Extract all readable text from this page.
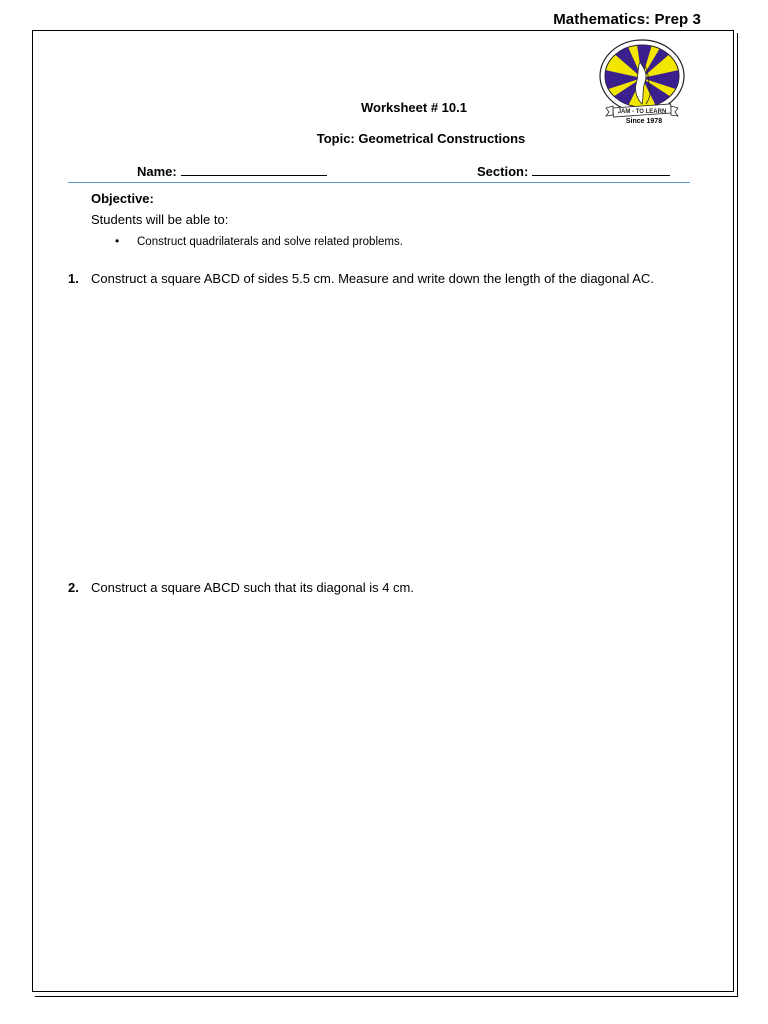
Mathematics: Prep 3
JAM - TO LEARN
Since 1978
Worksheet # 10.1
Topic: Geometrical Constructions
Name:	Section:
Objective:
Students will be able to:
• Construct quadrilaterals and solve related problems.
1. Construct a square ABCD of sides 5.5 cm. Measure and write down the length of the diagonal AC.
2. Construct a square ABCD such that its diagonal is 4 cm.
